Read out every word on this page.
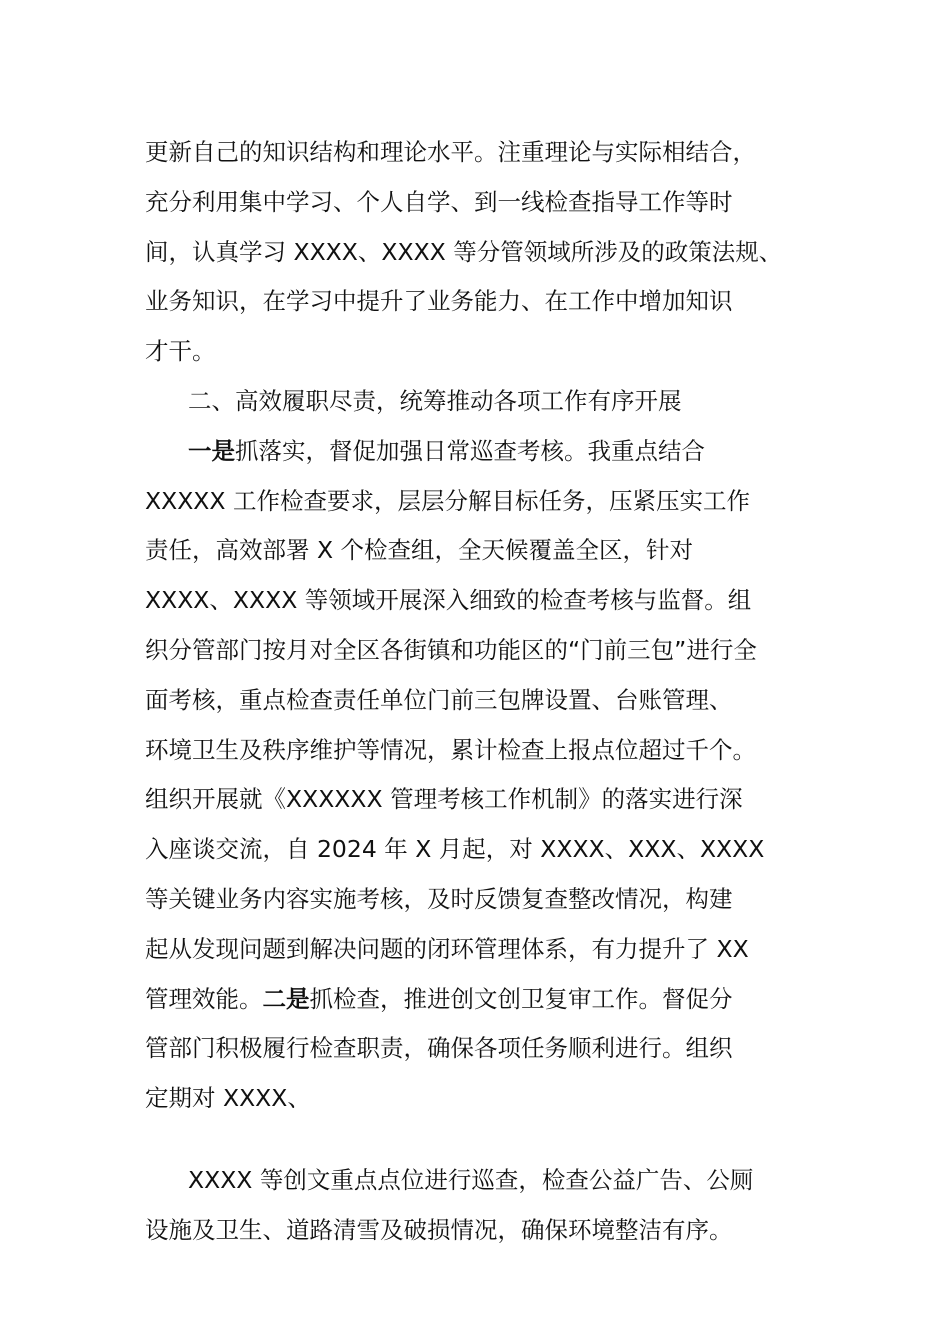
更新自己的知识结构和理论水平。注重理论与实际相结合，
充分利用集中学习、个人自学、到一线检查指导工作等时
间，认真学习 XXXX、XXXX 等分管领域所涉及的政策法规、
业务知识，在学习中提升了业务能力、在工作中增加知识
才干。
二、高效履职尽责，统筹推动各项工作有序开展
一是抓落实，督促加强日常巡查考核。我重点结合
XXXXX 工作检查要求，层层分解目标任务，压紧压实工作
责任，高效部署 X 个检查组，全天候覆盖全区，针对
XXXX、XXXX 等领域开展深入细致的检查考核与监督。组
织分管部门按月对全区各街镇和功能区的“门前三包”进行全
面考核，重点检查责任单位门前三包牌设置、台账管理、
环境卫生及秩序维护等情况，累计检查上报点位超过千个。
组织开展就《XXXXXX 管理考核工作机制》的落实进行深
入座谈交流，自 2024 年 X 月起，对 XXXX、XXX、XXXX
等关键业务内容实施考核，及时反馈复查整改情况，构建
起从发现问题到解决问题的闭环管理体系，有力提升了 XX
管理效能。二是抓检查，推进创文创卫复审工作。督促分
管部门积极履行检查职责，确保各项任务顺利进行。组织
定期对 XXXX、
XXXX 等创文重点点位进行巡查，检查公益广告、公厕
设施及卫生、道路清雪及破损情况，确保环境整洁有序。
